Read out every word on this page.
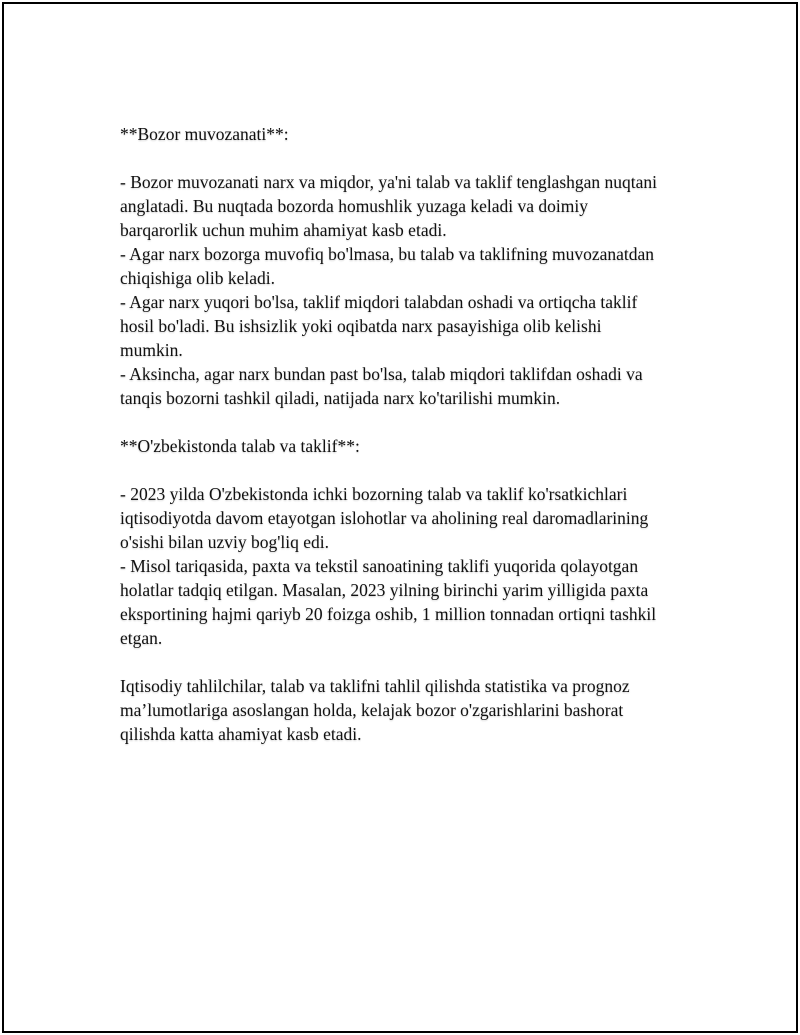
**Bozor muvozanati**:
- Bozor muvozanati narx va miqdor, ya'ni talab va taklif tenglashgan nuqtani
anglatadi. Bu nuqtada bozorda homushlik yuzaga keladi va doimiy
barqarorlik uchun muhim ahamiyat kasb etadi.
- Agar narx bozorga muvofiq bo'lmasa, bu talab va taklifning muvozanatdan
chiqishiga olib keladi.
- Agar narx yuqori bo'lsa, taklif miqdori talabdan oshadi va ortiqcha taklif
hosil bo'ladi. Bu ishsizlik yoki oqibatda narx pasayishiga olib kelishi
mumkin.
- Aksincha, agar narx bundan past bo'lsa, talab miqdori taklifdan oshadi va
tanqis bozorni tashkil qiladi, natijada narx ko'tarilishi mumkin.
**O'zbekistonda talab va taklif**:
- 2023 yilda O'zbekistonda ichki bozorning talab va taklif ko'rsatkichlari
iqtisodiyotda davom etayotgan islohotlar va aholining real daromadlarining
o'sishi bilan uzviy bog'liq edi.
- Misol tariqasida, paxta va tekstil sanoatining taklifi yuqorida qolayotgan
holatlar tadqiq etilgan. Masalan, 2023 yilning birinchi yarim yilligida paxta
eksportining hajmi qariyb 20 foizga oshib, 1 million tonnadan ortiqni tashkil
etgan.
Iqtisodiy tahlilchilar, talab va taklifni tahlil qilishda statistika va prognoz
ma’lumotlariga asoslangan holda, kelajak bozor o'zgarishlarini bashorat
qilishda katta ahamiyat kasb etadi.
